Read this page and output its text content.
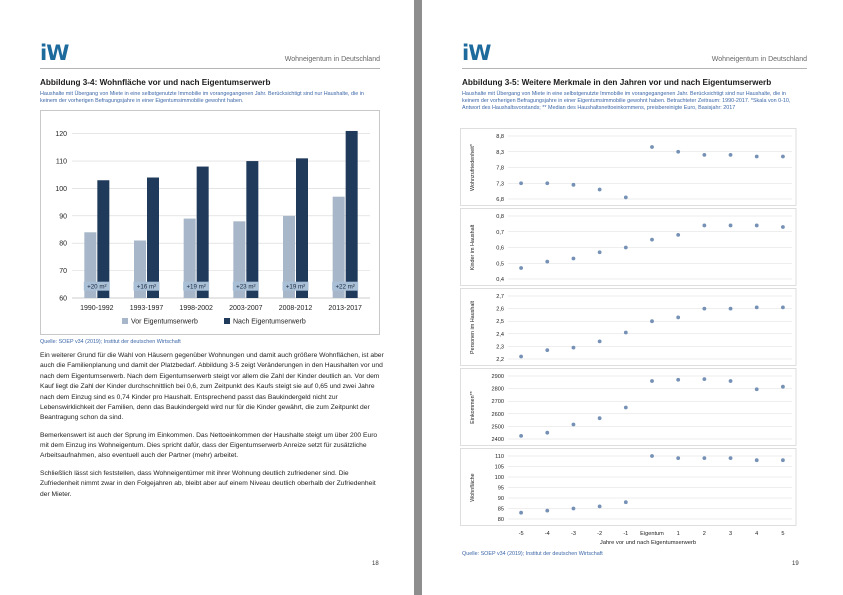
iW	Wohneigentum in Deutschland
Abbildung 3-4: Wohnfläche vor und nach Eigentumserwerb
Haushalte mit Übergang von Miete in eine selbstgenutzte Immobilie im vorangegangenen Jahr. Berücksichtigt sind nur Haushalte, die in keinem der vorherigen Befragungsjahre in einer Eigentumsimmobilie gewohnt haben.
60
70
80
90
100
110
120
+20 m²
1990-1992
+16 m²
1993-1997
+19 m²
1998-2002
+23 m²
2003-2007
+19 m²
2008-2012
+22 m²
2013-2017
Vor Eigentumserwerb	Nach Eigentumserwerb
Quelle: SOEP v34 (2019); Institut der deutschen Wirtschaft

Ein weiterer Grund für die Wahl von Häusern gegenüber Wohnungen und damit auch größere Wohnflächen, ist aber auch die Familienplanung und damit der Platzbedarf. Abbildung 3-5 zeigt Veränderungen in den Haushalten vor und nach dem Eigentumserwerb. Nach dem Eigentumserwerb steigt vor allem die Zahl der Kinder deutlich an. Vor dem Kauf liegt die Zahl der Kinder durchschnittlich bei 0,6, zum Zeitpunkt des Kaufs steigt sie auf 0,65 und zwei Jahre nach dem Einzug sind es 0,74 Kinder pro Haushalt. Entsprechend passt das Baukindergeld nicht zur Lebenswirklichkeit der Familien, denn das Baukindergeld wird nur für die Kinder gewährt, die zum Zeitpunkt der Beantragung schon da sind.

Bemerkenswert ist auch der Sprung im Einkommen. Das Nettoeinkommen der Haushalte steigt um über 200 Euro mit dem Einzug ins Wohneigentum. Dies spricht dafür, dass der Eigentumserwerb Anreize setzt für zusätzliche Arbeitsaufnahmen, also eventuell auch der Partner (mehr) arbeitet.

Schließlich lässt sich feststellen, dass Wohneigentümer mit ihrer Wohnung deutlich zufriedener sind. Die Zufriedenheit nimmt zwar in den Folgejahren ab, bleibt aber auf einem Niveau deutlich oberhalb der Zufriedenheit der Mieter.

18
iW	Wohneigentum in Deutschland
Abbildung 3-5: Weitere Merkmale in den Jahren vor und nach Eigentumserwerb
Haushalte mit Übergang von Miete in eine selbstgenutzte Immobilie im vorangegangenen Jahr. Berücksichtigt sind nur Haushalte, die in keinem der vorherigen Befragungsjahre in einer Eigentumsimmobilie gewohnt haben. Betrachteter Zeitraum: 1990-2017. *Skala von 0-10, Antwort des Haushaltsvorstands; ** Median des Haushaltsnettoeinkommens, preisbereinigte Euro, Basisjahr: 2017
6,8
7,3
7,8
8,3
8,8
Wohnzufriedenheit*
0,4
0,5
0,6
0,7
0,8
Kinder im Haushalt
2,2
2,3
2,4
2,5
2,6
2,7
Personen im Haushalt
2400
2500
2600
2700
2800
2900
Einkommen**
80
85
90
95
100
105
110
Wohnfläche
-5	-4	-3	-2	-1 Eigentum 1	2	3	4	5
Jahre vor und nach Eigentumserwerb
Quelle: SOEP v34 (2019); Institut der deutschen Wirtschaft
19
